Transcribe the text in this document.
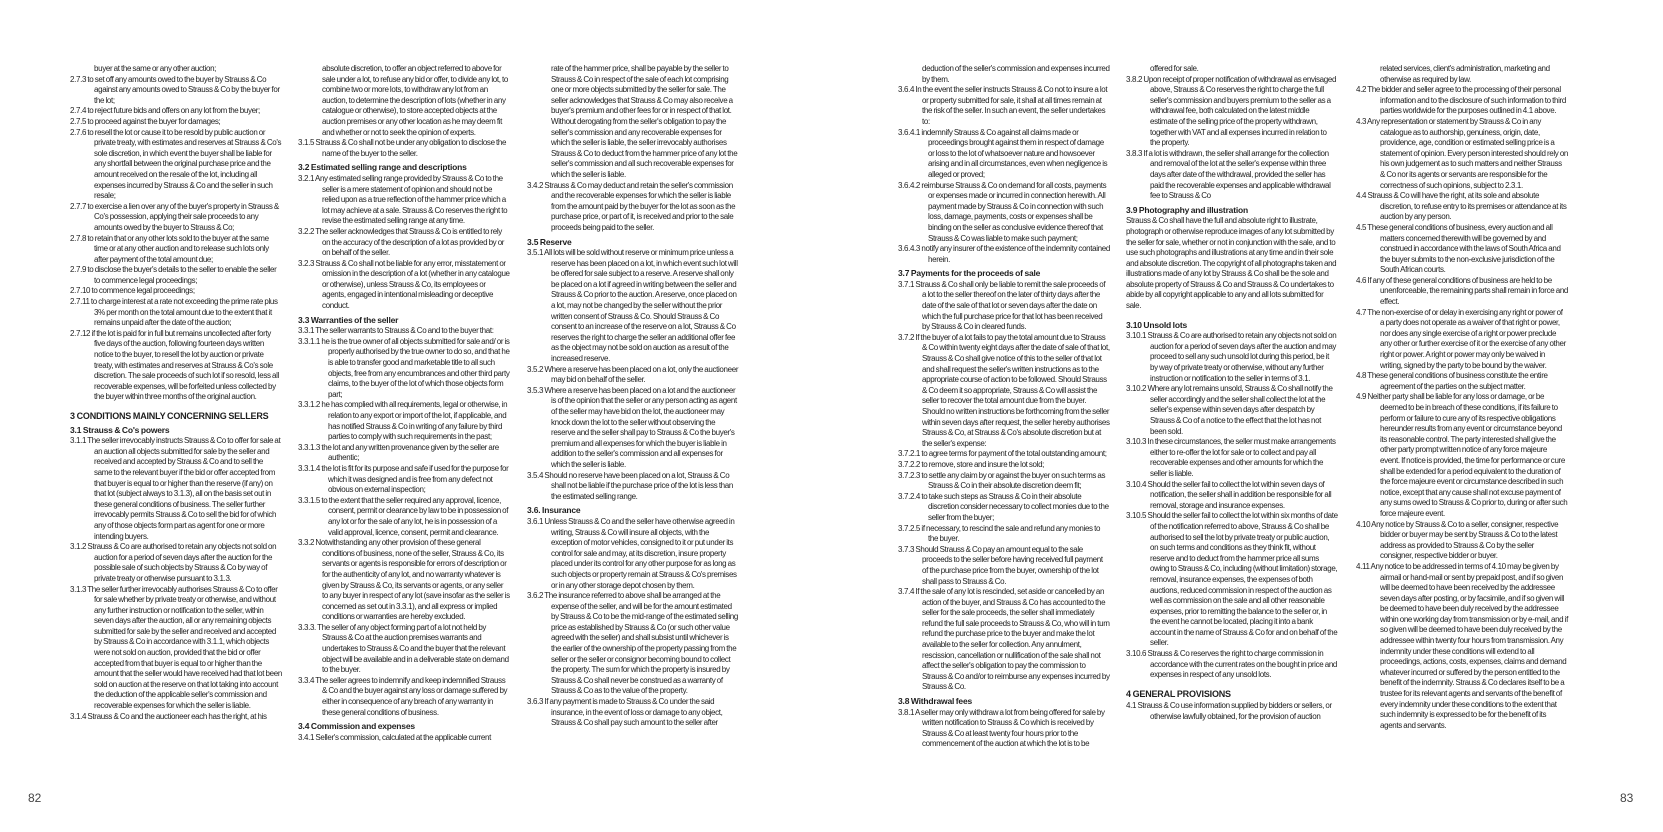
buyer at the same or any other auction;

2.7.3 to set off any amounts owed to the buyer by Strauss & Co against any amounts owed to Strauss & Co by the buyer for the lot;

2.7.4 to reject future bids and offers on any lot from the buyer;

2.7.5 to proceed against the buyer for damages;

2.7.6 to resell the lot or cause it to be resold by public auction or private treaty, with estimates and reserves at Strauss & Co's sole discretion, in which event the buyer shall be liable for any shortfall between the original purchase price and the amount received on the resale of the lot, including all expenses incurred by Strauss & Co and the seller in such resale;

2.7.7 to exercise a lien over any of the buyer's property in Strauss & Co's possession, applying their sale proceeds to any amounts owed by the buyer to Strauss & Co;

2.7.8 to retain that or any other lots sold to the buyer at the same time or at any other auction and to release such lots only after payment of the total amount due;

2.7.9 to disclose the buyer's details to the seller to enable the seller to commence legal proceedings;

2.7.10 to commence legal proceedings;

2.7.11 to charge interest at a rate not exceeding the prime rate plus 3% per month on the total amount due to the extent that it remains unpaid after the date of the auction;

2.7.12 if the lot is paid for in full but remains uncollected after forty five days of the auction, following fourteen days written notice to the buyer, to resell the lot by auction or private treaty, with estimates and reserves at Strauss & Co's sole discretion. The sale proceeds of such lot if so resold, less all recoverable expenses, will be forfeited unless collected by the buyer within three months of the original auction.

3 CONDITIONS MAINLY CONCERNING SELLERS
3.1 Strauss & Co's powers

3.1.1 The seller irrevocably instructs Strauss & Co to offer for sale at an auction all objects submitted for sale by the seller and received and accepted by Strauss & Co and to sell the same to the relevant buyer if the bid or offer accepted from that buyer is equal to or higher than the reserve (if any) on that lot (subject always to 3.1.3), all on the basis set out in these general conditions of business. The seller further irrevocably permits Strauss & Co to sell the bid for of which any of those objects form part as agent for one or more intending buyers.

3.1.2 Strauss & Co are authorised to retain any objects not sold on auction for a period of seven days after the auction for the possible sale of such objects by Strauss & Co by way of private treaty or otherwise pursuant to 3.1.3.

3.1.3 The seller further irrevocably authorises Strauss & Co to offer for sale whether by private treaty or otherwise, and without any further instruction or notification to the seller, within seven days after the auction, all or any remaining objects submitted for sale by the seller and received and accepted by Strauss & Co in accordance with 3.1.1, which objects were not sold on auction, provided that the bid or offer accepted from that buyer is equal to or higher than the amount that the seller would have received had that lot been sold on auction at the reserve on that lot taking into account the deduction of the applicable seller's commission and recoverable expenses for which the seller is liable.

3.1.4 Strauss & Co and the auctioneer each has the right, at his

absolute discretion, to offer an object referred to above for sale under a lot, to refuse any bid or offer, to divide any lot, to combine two or more lots, to withdraw any lot from an auction, to determine the description of lots (whether in any catalogue or otherwise), to store accepted objects at the auction premises or any other location as he may deem fit and whether or not to seek the opinion of experts.

3.1.5 Strauss & Co shall not be under any obligation to disclose the name of the buyer to the seller.

3.2 Estimated selling range and descriptions

3.2.1 Any estimated selling range provided by Strauss & Co to the seller is a mere statement of opinion and should not be relied upon as a true reflection of the hammer price which a lot may achieve at a sale. Strauss & Co reserves the right to revise the estimated selling range at any time.

3.2.2 The seller acknowledges that Strauss & Co is entitled to rely on the accuracy of the description of a lot as provided by or on behalf of the seller.

3.2.3 Strauss & Co shall not be liable for any error, misstatement or omission in the description of a lot (whether in any catalogue or otherwise), unless Strauss & Co, its employees or agents, engaged in intentional misleading or deceptive conduct.

3.3 Warranties of the seller

3.3.1 The seller warrants to Strauss & Co and to the buyer that:

3.3.1.1 he is the true owner of all objects submitted for sale and/ or is properly authorised by the true owner to do so, and that he is able to transfer good and marketable title to all such objects, free from any encumbrances and other third party claims, to the buyer of the lot of which those objects form part;

3.3.1.2 he has complied with all requirements, legal or otherwise, in relation to any export or import of the lot, if applicable, and has notified Strauss & Co in writing of any failure by third parties to comply with such requirements in the past;

3.3.1.3 the lot and any written provenance given by the seller are authentic;

3.3.1.4 the lot is fit for its purpose and safe if used for the purpose for which it was designed and is free from any defect not obvious on external inspection;

3.3.1.5 to the extent that the seller required any approval, licence, consent, permit or clearance by law to be in possession of any lot or for the sale of any lot, he is in possession of a valid approval, licence, consent, permit and clearance.

3.3.2 Notwithstanding any other provision of these general conditions of business, none of the seller, Strauss & Co, its servants or agents is responsible for errors of description or for the authenticity of any lot, and no warranty whatever is given by Strauss & Co, its servants or agents, or any seller to any buyer in respect of any lot (save insofar as the seller is concerned as set out in 3.3.1), and all express or implied conditions or warranties are hereby excluded.

3.3.3. The seller of any object forming part of a lot not held by Strauss & Co at the auction premises warrants and undertakes to Strauss & Co and the buyer that the relevant object will be available and in a deliverable state on demand to the buyer.

3.3.4 The seller agrees to indemnify and keep indemnified Strauss & Co and the buyer against any loss or damage suffered by either in consequence of any breach of any warranty in these general conditions of business.

3.4 Commission and expenses

3.4.1 Seller's commission, calculated at the applicable current

rate of the hammer price, shall be payable by the seller to Strauss & Co in respect of the sale of each lot comprising one or more objects submitted by the seller for sale. The seller acknowledges that Strauss & Co may also receive a buyer's premium and other fees for or in respect of that lot. Without derogating from the seller's obligation to pay the seller's commission and any recoverable expenses for which the seller is liable, the seller irrevocably authorises Strauss & Co to deduct from the hammer price of any lot the seller's commission and all such recoverable expenses for which the seller is liable.

3.4.2 Strauss & Co may deduct and retain the seller's commission and the recoverable expenses for which the seller is liable from the amount paid by the buyer for the lot as soon as the purchase price, or part of it, is received and prior to the sale proceeds being paid to the seller.

3.5 Reserve

3.5.1 All lots will be sold without reserve or minimum price unless a reserve has been placed on a lot, in which event such lot will be offered for sale subject to a reserve. A reserve shall only be placed on a lot if agreed in writing between the seller and Strauss & Co prior to the auction. A reserve, once placed on a lot, may not be changed by the seller without the prior written consent of Strauss & Co. Should Strauss & Co consent to an increase of the reserve on a lot, Strauss & Co reserves the right to charge the seller an additional offer fee as the object may not be sold on auction as a result of the increased reserve.

3.5.2 Where a reserve has been placed on a lot, only the auctioneer may bid on behalf of the seller.

3.5.3 Where a reserve has been placed on a lot and the auctioneer is of the opinion that the seller or any person acting as agent of the seller may have bid on the lot, the auctioneer may knock down the lot to the seller without observing the reserve and the seller shall pay to Strauss & Co the buyer's premium and all expenses for which the buyer is liable in addition to the seller's commission and all expenses for which the seller is liable.

3.5.4 Should no reserve have been placed on a lot, Strauss & Co shall not be liable if the purchase price of the lot is less than the estimated selling range.

3.6. Insurance

3.6.1 Unless Strauss & Co and the seller have otherwise agreed in writing, Strauss & Co will insure all objects, with the exception of motor vehicles, consigned to it or put under its control for sale and may, at its discretion, insure property placed under its control for any other purpose for as long as such objects or property remain at Strauss & Co's premises or in any other storage depot chosen by them.

3.6.2 The insurance referred to above shall be arranged at the expense of the seller, and will be for the amount estimated by Strauss & Co to be the mid-range of the estimated selling price as established by Strauss & Co (or such other value agreed with the seller) and shall subsist until whichever is the earlier of the ownership of the property passing from the seller or the seller or consignor becoming bound to collect the property. The sum for which the property is insured by Strauss & Co shall never be construed as a warranty of Strauss & Co as to the value of the property.

3.6.3 If any payment is made to Strauss & Co under the said insurance, in the event of loss or damage to any object, Strauss & Co shall pay such amount to the seller after

deduction of the seller's commission and expenses incurred by them.

3.6.4 In the event the seller instructs Strauss & Co not to insure a lot or property submitted for sale, it shall at all times remain at the risk of the seller. In such an event, the seller undertakes to:

3.6.4.1 indemnify Strauss & Co against all claims made or proceedings brought against them in respect of damage or loss to the lot of whatsoever nature and howsoever arising and in all circumstances, even when negligence is alleged or proved;

3.6.4.2 reimburse Strauss & Co on demand for all costs, payments or expenses made or incurred in connection herewith. All payment made by Strauss & Co in connection with such loss, damage, payments, costs or expenses shall be binding on the seller as conclusive evidence thereof that Strauss & Co was liable to make such payment;

3.6.4.3 notify any insurer of the existence of the indemnity contained herein.

3.7 Payments for the proceeds of sale

3.7.1 Strauss & Co shall only be liable to remit the sale proceeds of a lot to the seller thereof on the later of thirty days after the date of the sale of that lot or seven days after the date on which the full purchase price for that lot has been received by Strauss & Co in cleared funds.

3.7.2 If the buyer of a lot fails to pay the total amount due to Strauss & Co within twenty eight days after the date of sale of that lot, Strauss & Co shall give notice of this to the seller of that lot and shall request the seller's written instructions as to the appropriate course of action to be followed. Should Strauss & Co deem it so appropriate, Strauss & Co will assist the seller to recover the total amount due from the buyer. Should no written instructions be forthcoming from the seller within seven days after request, the seller hereby authorises Strauss & Co, at Strauss & Co's absolute discretion but at the seller's expense:

3.7.2.1 to agree terms for payment of the total outstanding amount;

3.7.2.2 to remove, store and insure the lot sold;

3.7.2.3 to settle any claim by or against the buyer on such terms as Strauss & Co in their absolute discretion deem fit;

3.7.2.4 to take such steps as Strauss & Co in their absolute discretion consider necessary to collect monies due to the seller from the buyer;

3.7.2.5 if necessary, to rescind the sale and refund any monies to the buyer.

3.7.3 Should Strauss & Co pay an amount equal to the sale proceeds to the seller before having received full payment of the purchase price from the buyer, ownership of the lot shall pass to Strauss & Co.

3.7.4 If the sale of any lot is rescinded, set aside or cancelled by an action of the buyer, and Strauss & Co has accounted to the seller for the sale proceeds, the seller shall immediately refund the full sale proceeds to Strauss & Co, who will in turn refund the purchase price to the buyer and make the lot available to the seller for collection. Any annulment, rescission, cancellation or nullification of the sale shall not affect the seller's obligation to pay the commission to Strauss & Co and/or to reimburse any expenses incurred by Strauss & Co.

3.8 Withdrawal fees

3.8.1 A seller may only withdraw a lot from being offered for sale by written notification to Strauss & Co which is received by Strauss & Co at least twenty four hours prior to the commencement of the auction at which the lot is to be

offered for sale.

3.8.2 Upon receipt of proper notification of withdrawal as envisaged above, Strauss & Co reserves the right to charge the full seller's commission and buyers premium to the seller as a withdrawal fee, both calculated on the latest middle estimate of the selling price of the property withdrawn, together with VAT and all expenses incurred in relation to the property.

3.8.3 If a lot is withdrawn, the seller shall arrange for the collection and removal of the lot at the seller's expense within three days after date of the withdrawal, provided the seller has paid the recoverable expenses and applicable withdrawal fee to Strauss & Co

3.9 Photography and illustration

Strauss & Co shall have the full and absolute right to illustrate, photograph or otherwise reproduce images of any lot submitted by the seller for sale, whether or not in conjunction with the sale, and to use such photographs and illustrations at any time and in their sole and absolute discretion. The copyright of all photographs taken and illustrations made of any lot by Strauss & Co shall be the sole and absolute property of Strauss & Co and Strauss & Co undertakes to abide by all copyright applicable to any and all lots submitted for sale.

3.10 Unsold lots

3.10.1 Strauss & Co are authorised to retain any objects not sold on auction for a period of seven days after the auction and may proceed to sell any such unsold lot during this period, be it by way of private treaty or otherwise, without any further instruction or notification to the seller in terms of 3.1.

3.10.2 Where any lot remains unsold, Strauss & Co shall notify the seller accordingly and the seller shall collect the lot at the seller's expense within seven days after despatch by Strauss & Co of a notice to the effect that the lot has not been sold.

3.10.3 In these circumstances, the seller must make arrangements either to re-offer the lot for sale or to collect and pay all recoverable expenses and other amounts for which the seller is liable.

3.10.4 Should the seller fail to collect the lot within seven days of notification, the seller shall in addition be responsible for all removal, storage and insurance expenses.

3.10.5 Should the seller fail to collect the lot within six months of date of the notification referred to above, Strauss & Co shall be authorised to sell the lot by private treaty or public auction, on such terms and conditions as they think fit, without reserve and to deduct from the hammer price all sums owing to Strauss & Co, including (without limitation) storage, removal, insurance expenses, the expenses of both auctions, reduced commission in respect of the auction as well as commission on the sale and all other reasonable expenses, prior to remitting the balance to the seller or, in the event he cannot be located, placing it into a bank account in the name of Strauss & Co for and on behalf of the seller.

3.10.6 Strauss & Co reserves the right to charge commission in accordance with the current rates on the bought in price and expenses in respect of any unsold lots.

4 GENERAL PROVISIONS

4.1 Strauss & Co use information supplied by bidders or sellers, or otherwise lawfully obtained, for the provision of auction

related services, client's administration, marketing and otherwise as required by law.

4.2 The bidder and seller agree to the processing of their personal information and to the disclosure of such information to third parties worldwide for the purposes outlined in 4.1 above.

4.3 Any representation or statement by Strauss & Co in any catalogue as to authorship, genuiness, origin, date, providence, age, condition or estimated selling price is a statement of opinion. Every person interested should rely on his own judgement as to such matters and neither Strauss & Co nor its agents or servants are responsible for the correctness of such opinions, subject to 2.3.1.

4.4 Strauss & Co will have the right, at its sole and absolute discretion, to refuse entry to its premises or attendance at its auction by any person.

4.5 These general conditions of business, every auction and all matters concerned therewith will be governed by and construed in accordance with the laws of South Africa and the buyer submits to the non-exclusive jurisdiction of the South African courts.

4.6 If any of these general conditions of business are held to be unenforceable, the remaining parts shall remain in force and effect.

4.7 The non-exercise of or delay in exercising any right or power of a party does not operate as a waiver of that right or power, nor does any single exercise of a right or power preclude any other or further exercise of it or the exercise of any other right or power. A right or power may only be waived in writing, signed by the party to be bound by the waiver.

4.8 These general conditions of business constitute the entire agreement of the parties on the subject matter.

4.9 Neither party shall be liable for any loss or damage, or be deemed to be in breach of these conditions, if its failure to perform or failure to cure any of its respective obligations hereunder results from any event or circumstance beyond its reasonable control. The party interested shall give the other party prompt written notice of any force majeure event. If notice is provided, the time for performance or cure shall be extended for a period equivalent to the duration of the force majeure event or circumstance described in such notice, except that any cause shall not excuse payment of any sums owed to Strauss & Co prior to, during or after such force majeure event.

4.10 Any notice by Strauss & Co to a seller, consigner, respective bidder or buyer may be sent by Strauss & Co to the latest address as provided to Strauss & Co by the seller consigner, respective bidder or buyer.

4.11 Any notice to be addressed in terms of 4.10 may be given by airmail or hand-mail or sent by prepaid post, and if so given will be deemed to have been received by the addressee seven days after posting, or by facsimile, and if so given will be deemed to have been duly received by the addressee within one working day from transmission or by e-mail, and if so given will be deemed to have been duly received by the addressee within twenty four hours from transmission. Any indemnity under these conditions will extend to all proceedings, actions, costs, expenses, claims and demand whatever incurred or suffered by the person entitled to the benefit of the indemnity. Strauss & Co declares itself to be a trustee for its relevant agents and servants of the benefit of every indemnity under these conditions to the extent that such indemnity is expressed to be for the benefit of its agents and servants.

82	83
